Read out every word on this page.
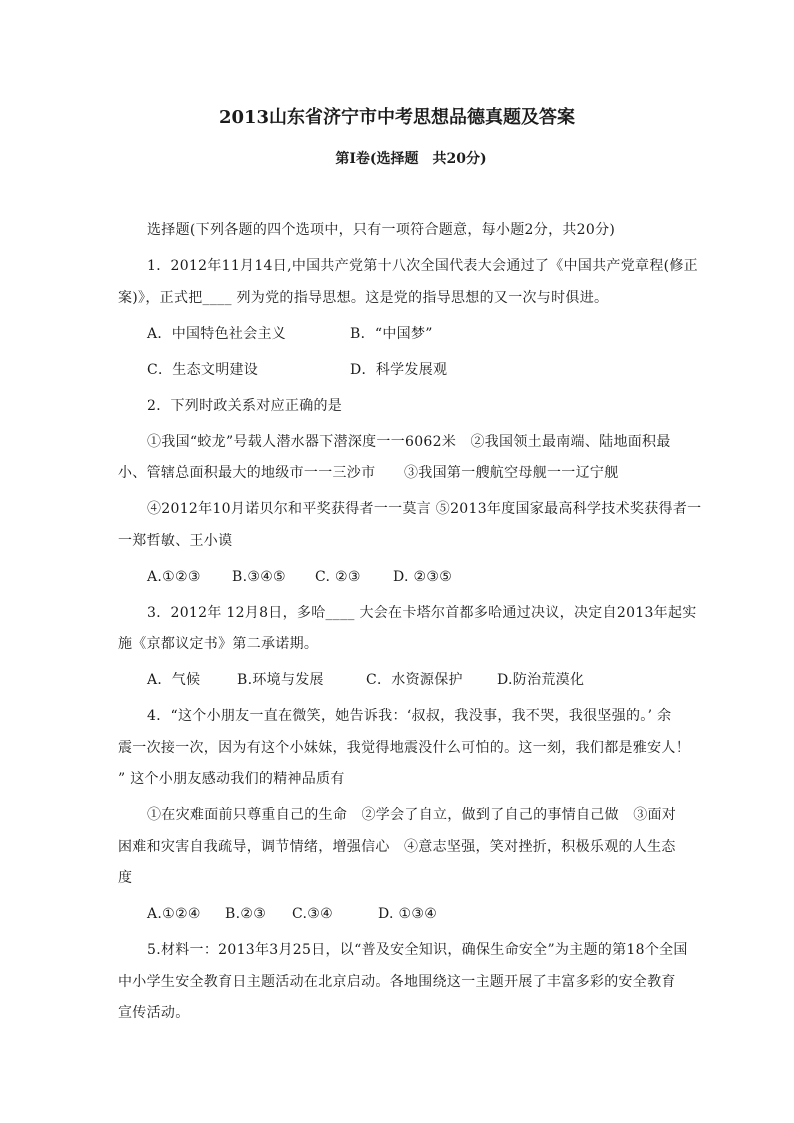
2013山东省济宁市中考思想品德真题及答案
第Ⅰ卷(选择题　共20分)
选择题(下列各题的四个选项中，只有一项符合题意，每小题2分，共20分)
1．2012年11月14日,中国共产党第十八次全国代表大会通过了《中国共产党章程(修正
案)》，正式把____ 列为党的指导思想。这是党的指导思想的又一次与时俱进。
A．中国特色社会主义	B．“中国梦”
C．生态文明建设	D．科学发展观
2．下列时政关系对应正确的是
①我国“蛟龙”号载人潜水器下潜深度一一6062米　②我国领土最南端、陆地面积最
小、管辖总面积最大的地级市一一三沙市　　③我国第一艘航空母舰一一辽宁舰
④2012年10月诺贝尔和平奖获得者一一莫言 ⑤2013年度国家最高科学技术奖获得者一
一郑哲敏、王小谟
A.①②③ B.③④⑤ C. ②③ D. ②③⑤
3．2012年 12月8日，多哈____ 大会在卡塔尔首都多哈通过决议，决定自2013年起实
施《京都议定书》第二承诺期。
A．气候	B.环境与发展	C．水资源保护 D.防治荒漠化
4．“这个小朋友一直在微笑，她告诉我：‘叔叔，我没事，我不哭，我很坚强的。’ 余
震一次接一次，因为有这个小妹妹，我觉得地震没什么可怕的。这一刻，我们都是雅安人！
” 这个小朋友感动我们的精神品质有
①在灾难面前只尊重自己的生命　②学会了自立，做到了自己的事情自己做　③面对
困难和灾害自我疏导，调节情绪，增强信心　④意志坚强，笑对挫折，积极乐观的人生态
度
A.①②④ B.②③ C.③④	D. ①③④
5.材料一：2013年3月25日，以“普及安全知识，确保生命安全”为主题的第18个全国
中小学生安全教育日主题活动在北京启动。各地围绕这一主题开展了丰富多彩的安全教育
宣传活动。
